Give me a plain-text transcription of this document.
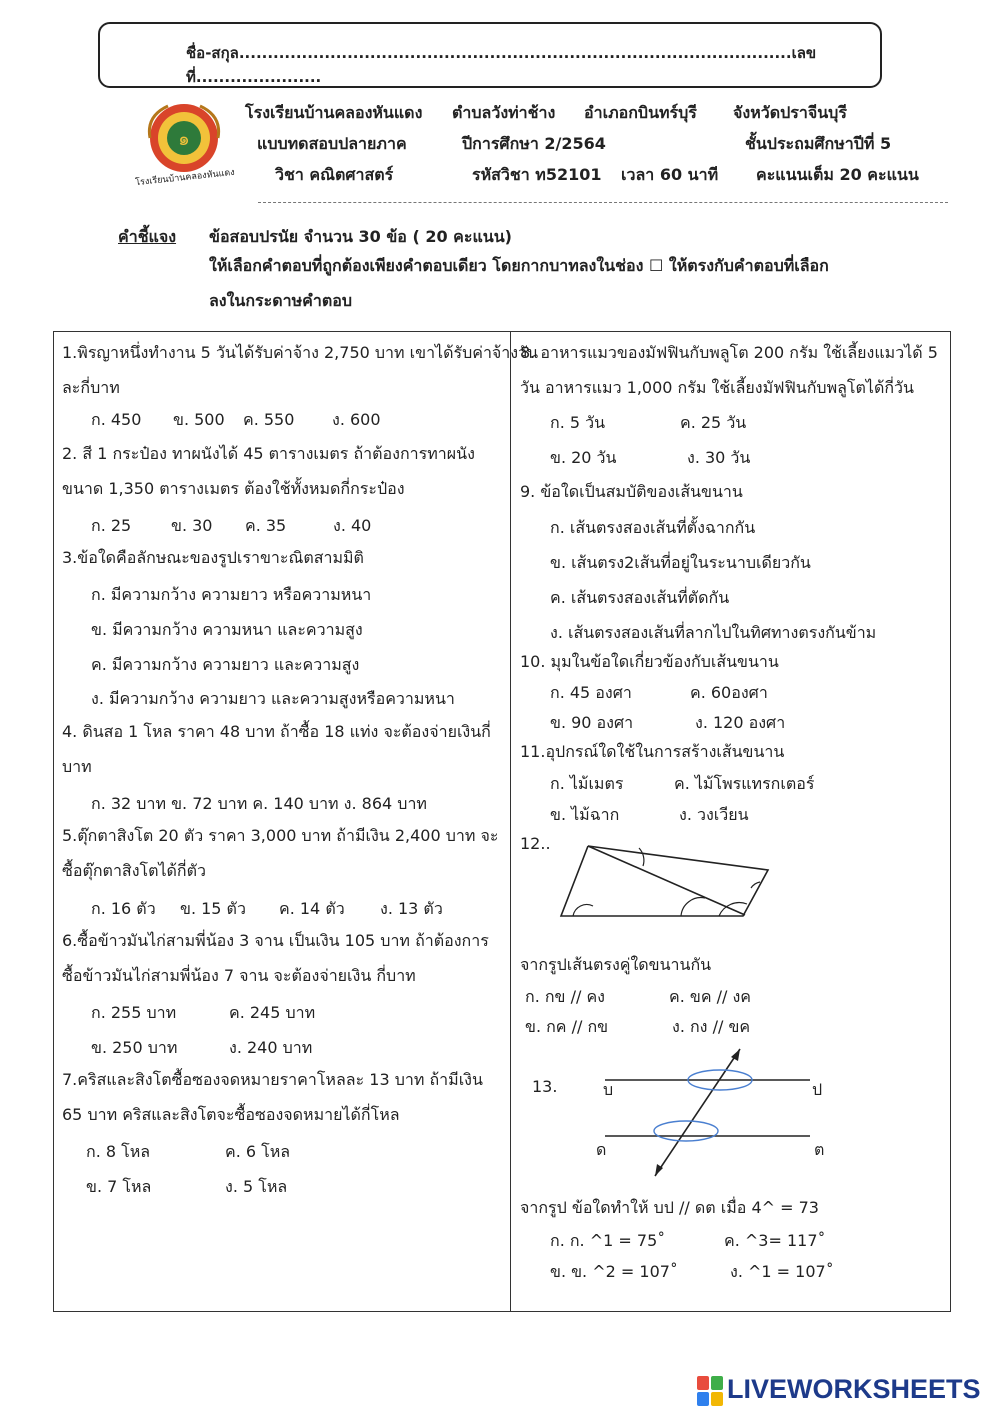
ชื่อ-สกุล.................................................................................................เลขที่......................
๑
โรงเรียนบ้านคลองหันแดง
โรงเรียนบ้านคลองหันแดง ตำบลวังท่าช้าง อำเภอกบินทร์บุรี จังหวัดปราจีนบุรี
แบบทดสอบปลายภาค	ปีการศึกษา 2/2564	ชั้นประถมศึกษาปีที่ 5
วิชา คณิตศาสตร์	รหัสวิชา ท52101 เวลา 60 นาที คะแนนเต็ม 20 คะแนน
คำชี้แจง ข้อสอบปรนัย จำนวน 30 ข้อ ( 20 คะแนน)
ให้เลือกคำตอบที่ถูกต้องเพียงคำตอบเดียว โดยกากบาทลงในช่อง ☐ ให้ตรงกับคำตอบที่เลือก
ลงในกระดาษคำตอบ
1.พิรญาหนึ่งทำงาน 5 วันได้รับค่าจ้าง 2,750 บาท เขาได้รับค่าจ้างวัน
ละกี่บาท
ก. 450 ข. 500 ค. 550 ง. 600
2. สี 1 กระป๋อง ทาผนังได้ 45 ตารางเมตร ถ้าต้องการทาผนัง
ขนาด 1,350 ตารางเมตร ต้องใช้ทั้งหมดกี่กระป๋อง
ก. 25 ข. 30 ค. 35	ง. 40
3.ข้อใดคือลักษณะของรูปเราขาะณิตสามมิติ
ก. มีความกว้าง ความยาว หรือความหนา
ข. มีความกว้าง ความหนา และความสูง
ค. มีความกว้าง ความยาว และความสูง
ง. มีความกว้าง ความยาว และความสูงหรือความหนา
4. ดินสอ 1 โหล ราคา 48 บาท ถ้าซื้อ 18 แท่ง จะต้องจ่ายเงินกี่
บาท
ก. 32 บาท ข. 72 บาท ค. 140 บาท ง. 864 บาท
5.ตุ๊กตาสิงโต 20 ตัว ราคา 3,000 บาท ถ้ามีเงิน 2,400 บาท จะ
ซื้อตุ๊กตาสิงโตได้กี่ตัว
ก. 16 ตัว ข. 15 ตัว ค. 14 ตัว ง. 13 ตัว
6.ซื้อข้าวมันไก่สามพี่น้อง 3 จาน เป็นเงิน 105 บาท ถ้าต้องการ
ซื้อข้าวมันไก่สามพี่น้อง 7 จาน จะต้องจ่ายเงิน กี่บาท
ก. 255 บาท	ค. 245 บาท
ข. 250 บาท	ง. 240 บาท
7.คริสและสิงโตซื้อซองจดหมายราคาโหลละ 13 บาท ถ้ามีเงิน
65 บาท คริสและสิงโตจะซื้อซองจดหมายได้กี่โหล
ก. 8 โหล	ค. 6 โหล
ข. 7 โหล	ง. 5 โหล
8. อาหารแมวของมัฟฟินกับพลูโต 200 กรัม ใช้เลี้ยงแมวได้ 5
วัน อาหารแมว 1,000 กรัม ใช้เลี้ยงมัฟฟินกับพลูโตได้กี่วัน
ก. 5 วัน	ค. 25 วัน
ข. 20 วัน	ง. 30 วัน
9. ข้อใดเป็นสมบัติของเส้นขนาน
ก. เส้นตรงสองเส้นที่ตั้งฉากกัน
ข. เส้นตรง2เส้นที่อยู่ในระนาบเดียวกัน
ค. เส้นตรงสองเส้นที่ตัดกัน
ง. เส้นตรงสองเส้นที่ลากไปในทิศทางตรงกันข้าม
10. มุมในข้อใดเกี่ยวข้องกับเส้นขนาน
ก. 45 องศา	ค. 60องศา
ข. 90 องศา	ง. 120 องศา
11.อุปกรณ์ใดใช้ในการสร้างเส้นขนาน
ก. ไม้เมตร	ค. ไม้โพรแทรกเตอร์
ข. ไม้ฉาก	ง. วงเวียน
12..
จากรูปเส้นตรงคู่ใดขนานกัน
ก. กข // คง	ค. ขค // งค
ข. กค // กข	ง. กง // ขค
13.	บ	ป
ด	ต
จากรูป ข้อใดทำให้ บป // ดต เมื่อ 4^ = 73
ก. ก. ^1 = 75˚	ค. ^3= 117˚
ข. ข. ^2 = 107˚	ง. ^1 = 107˚
LIVEWORKSHEETS
